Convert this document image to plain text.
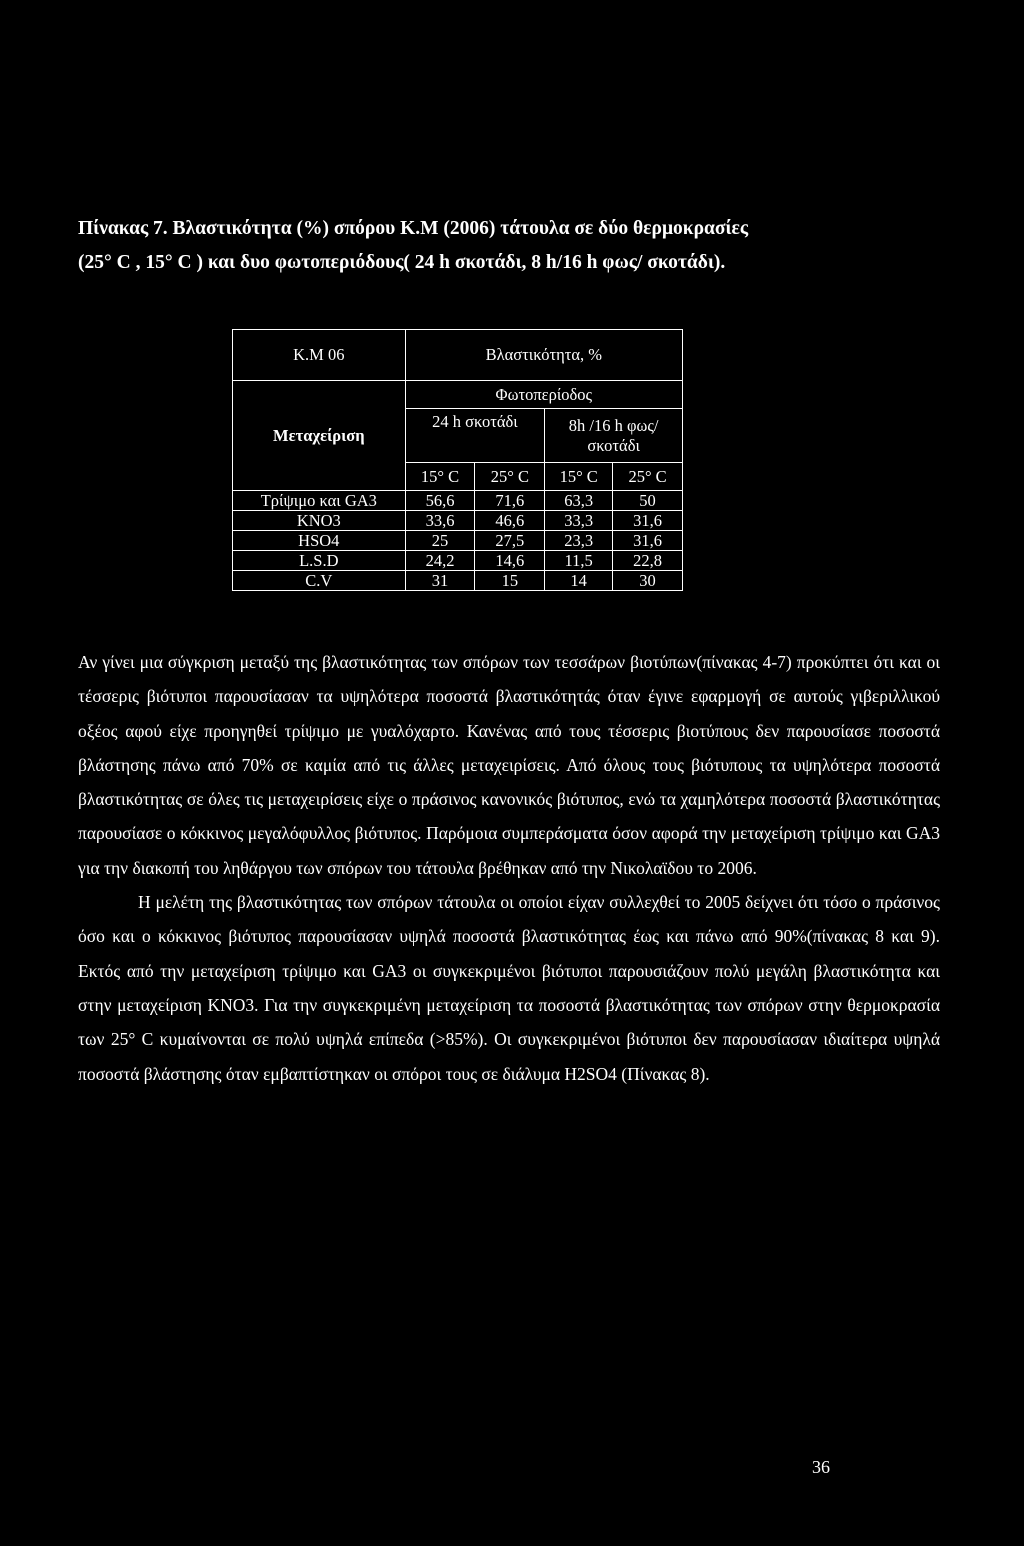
Πίνακας 7. Βλαστικότητα (%) σπόρου Κ.Μ (2006) τάτουλα σε δύο θερμοκρασίες

(25° C , 15° C ) και δυο φωτοπεριόδους( 24 h σκοτάδι, 8 h/16 h φως/ σκοτάδι).

Κ.Μ 06	Βλαστικότητα, %			
Μεταχείριση	Φωτοπερίοδος			
	24 h σκοτάδι		8h /16 h φως/σκοτάδι	
	15° C	25° C	15° C	25° C
Τρίψιμο και GA3	56,6	71,6	63,3	50
KNO3	33,6	46,6	33,3	31,6
HSO4	25	27,5	23,3	31,6
L.S.D	24,2	14,6	11,5	22,8
C.V	31	15	14	30

Αν γίνει μια σύγκριση μεταξύ της βλαστικότητας των σπόρων των τεσσάρων βιοτύπων(πίνακας 4-7) προκύπτει ότι και οι τέσσερις βιότυποι παρουσίασαν τα υψηλότερα ποσοστά βλαστικότητάς όταν έγινε εφαρμογή σε αυτούς γιβεριλλικού οξέος αφού είχε προηγηθεί τρίψιμο με γυαλόχαρτο. Κανένας από τους τέσσερις βιοτύπους δεν παρουσίασε ποσοστά βλάστησης πάνω από 70% σε καμία από τις άλλες μεταχειρίσεις. Από όλους τους βιότυπους τα υψηλότερα ποσοστά βλαστικότητας σε όλες τις μεταχειρίσεις είχε ο πράσινος κανονικός βιότυπος, ενώ τα χαμηλότερα ποσοστά βλαστικότητας παρουσίασε ο κόκκινος μεγαλόφυλλος βιότυπος. Παρόμοια συμπεράσματα όσον αφορά την μεταχείριση τρίψιμο και GA3 για την διακοπή του ληθάργου των σπόρων του τάτουλα βρέθηκαν από την Νικολαϊδου το 2006.

Η μελέτη της βλαστικότητας των σπόρων τάτουλα οι οποίοι είχαν συλλεχθεί το 2005 δείχνει ότι τόσο ο πράσινος όσο και ο κόκκινος βιότυπος παρουσίασαν υψηλά ποσοστά βλαστικότητας έως και πάνω από 90%(πίνακας 8 και 9). Εκτός από την μεταχείριση τρίψιμο και GA3 οι συγκεκριμένοι βιότυποι παρουσιάζουν πολύ μεγάλη βλαστικότητα και στην μεταχείριση KNO3. Για την συγκεκριμένη μεταχείριση τα ποσοστά βλαστικότητας των σπόρων στην θερμοκρασία των 25° C κυμαίνονται σε πολύ υψηλά επίπεδα (>85%). Οι συγκεκριμένοι βιότυποι δεν παρουσίασαν ιδιαίτερα υψηλά ποσοστά βλάστησης όταν εμβαπτίστηκαν οι σπόροι τους σε διάλυμα H2SO4 (Πίνακας 8).

36
